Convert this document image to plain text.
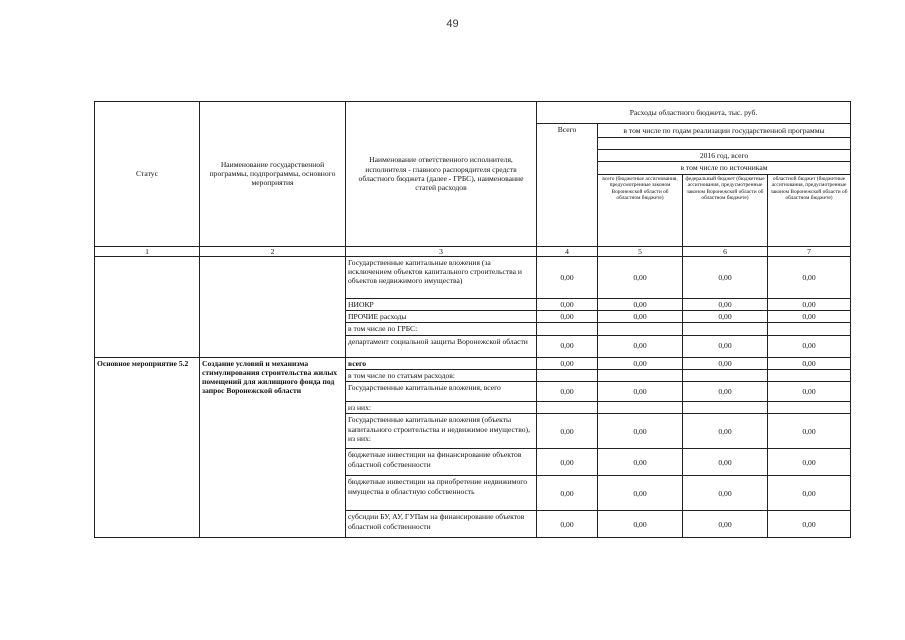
49
Статус	Наименование государственной программы, подпрограммы, основного мероприятия	Наименование ответственного исполнителя, исполнителя - главного распорядителя средств областного бюджета (далее - ГРБС), наименование статей расходов	Расходы областного бюджета, тыс. руб.			
			Всего	в том числе по годам реализации государственной программы		

				2016 год, всего		
				в том числе по источникам		
				всего (бюджетные ассигнования, предусмотренные законом Воронежской области об областном бюджете)	федеральный бюджет (бюджетные ассигнования, предусмотренные законом Воронежской области об областном бюджете)	областной бюджет (бюджетные ассигнования, предусмотренные законом Воронежской области об областном бюджете)
1	2	3	4	5	6	7
		Государственные капитальные вложения (за исключением объектов капитального строительства и объектов недвижимого имущества)	0,00	0,00	0,00	0,00
		НИОКР	0,00	0,00	0,00	0,00
		ПРОЧИЕ расходы	0,00	0,00	0,00	0,00
		в том числе по ГРБС:				
		департамент социальной защиты Воронежской области	0,00	0,00	0,00	0,00
Основное мероприятие 5.2	Создание условий и механизма стимулирования строительства жилых помещений для жилищного фонда под запрос Воронежской области	всего	0,00	0,00	0,00	0,00
		в том числе по статьям расходов:				
		Государственные капитальные вложения, всего	0,00	0,00	0,00	0,00
		из них:				
		Государственные капитальные вложения (объекты капитального строительства и недвижимое имущество), из них:	0,00	0,00	0,00	0,00
		бюджетные инвестиции на финансирование объектов областной собственности	0,00	0,00	0,00	0,00
		бюджетные инвестиции на приобретение недвижимого имущества в областную собственность	0,00	0,00	0,00	0,00
		субсидии БУ, АУ, ГУПам на финансирование объектов областной собственности	0,00	0,00	0,00	0,00
